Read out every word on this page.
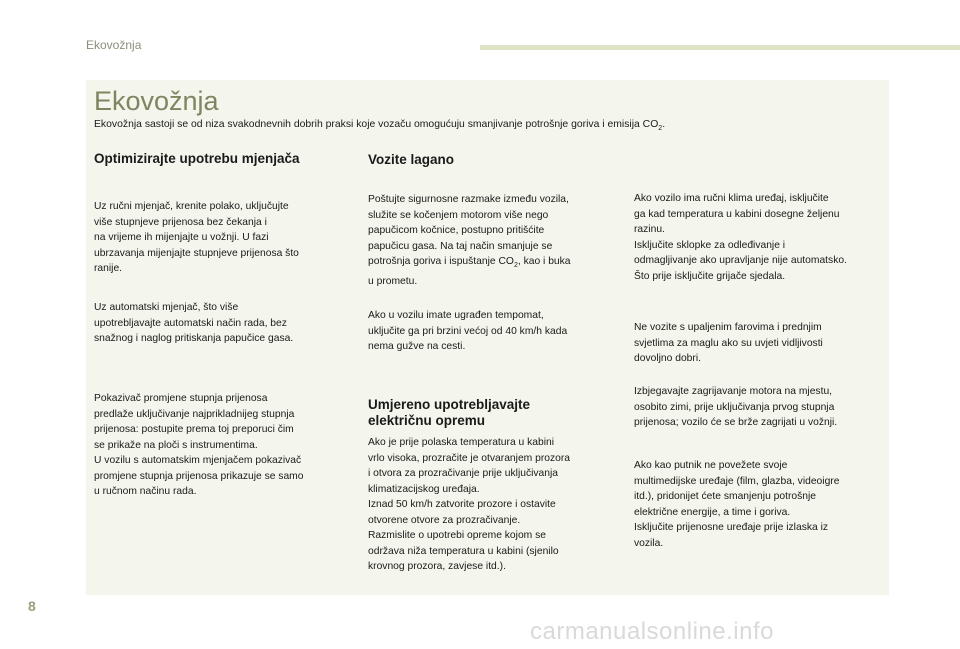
Ekovožnja
Ekovožnja
Ekovožnja sastoji se od niza svakodnevnih dobrih praksi koje vozaču omogućuju smanjivanje potrošnje goriva i emisija $CO_2$.
Optimizirajte upotrebu mjenjača
Uz ručni mjenjač, krenite polako, uključujte
više stupnjeve prijenosa bez čekanja i
na vrijeme ih mijenjajte u vožnji. U fazi
ubrzavanja mijenjajte stupnjeve prijenosa što
ranije.
Uz automatski mjenjač, što više
upotrebljavajte automatski način rada, bez
snažnog i naglog pritiskanja papučice gasa.
Pokazivač promjene stupnja prijenosa
predlaže uključivanje najprikladnijeg stupnja
prijenosa: postupite prema toj preporuci čim
se prikaže na ploči s instrumentima.
U vozilu s automatskim mjenjačem pokazivač
promjene stupnja prijenosa prikazuje se samo
u ručnom načinu rada.
Vozite lagano
Poštujte sigurnosne razmake između vozila,
služite se kočenjem motorom više nego
papučicom kočnice, postupno pritišćite
papučicu gasa. Na taj način smanjuje se
potrošnja goriva i ispuštanje $CO_2$, kao i buka
u prometu.
Ako u vozilu imate ugrađen tempomat,
uključite ga pri brzini većoj od 40 km/h kada
nema gužve na cesti.
Umjereno upotrebljavajte
električnu opremu
Ako je prije polaska temperatura u kabini
vrlo visoka, prozračite je otvaranjem prozora
i otvora za prozračivanje prije uključivanja
klimatizacijskog uređaja.
Iznad 50 km/h zatvorite prozore i ostavite
otvorene otvore za prozračivanje.
Razmislite o upotrebi opreme kojom se
održava niža temperatura u kabini (sjenilo
krovnog prozora, zavjese itd.).
Ako vozilo ima ručni klima uređaj, isključite
ga kad temperatura u kabini dosegne željenu
razinu.
Isključite sklopke za odleđivanje i
odmagljivanje ako upravljanje nije automatsko.
Što prije isključite grijače sjedala.
Ne vozite s upaljenim farovima i prednjim
svjetlima za maglu ako su uvjeti vidljivosti
dovoljno dobri.
Izbjegavajte zagrijavanje motora na mjestu,
osobito zimi, prije uključivanja prvog stupnja
prijenosa; vozilo će se brže zagrijati u vožnji.
Ako kao putnik ne povežete svoje
multimedijske uređaje (film, glazba, videoigre
itd.), pridonijet ćete smanjenju potrošnje
električne energije, a time i goriva.
Isključite prijenosne uređaje prije izlaska iz
vozila.
8
carmanualsonline.info
